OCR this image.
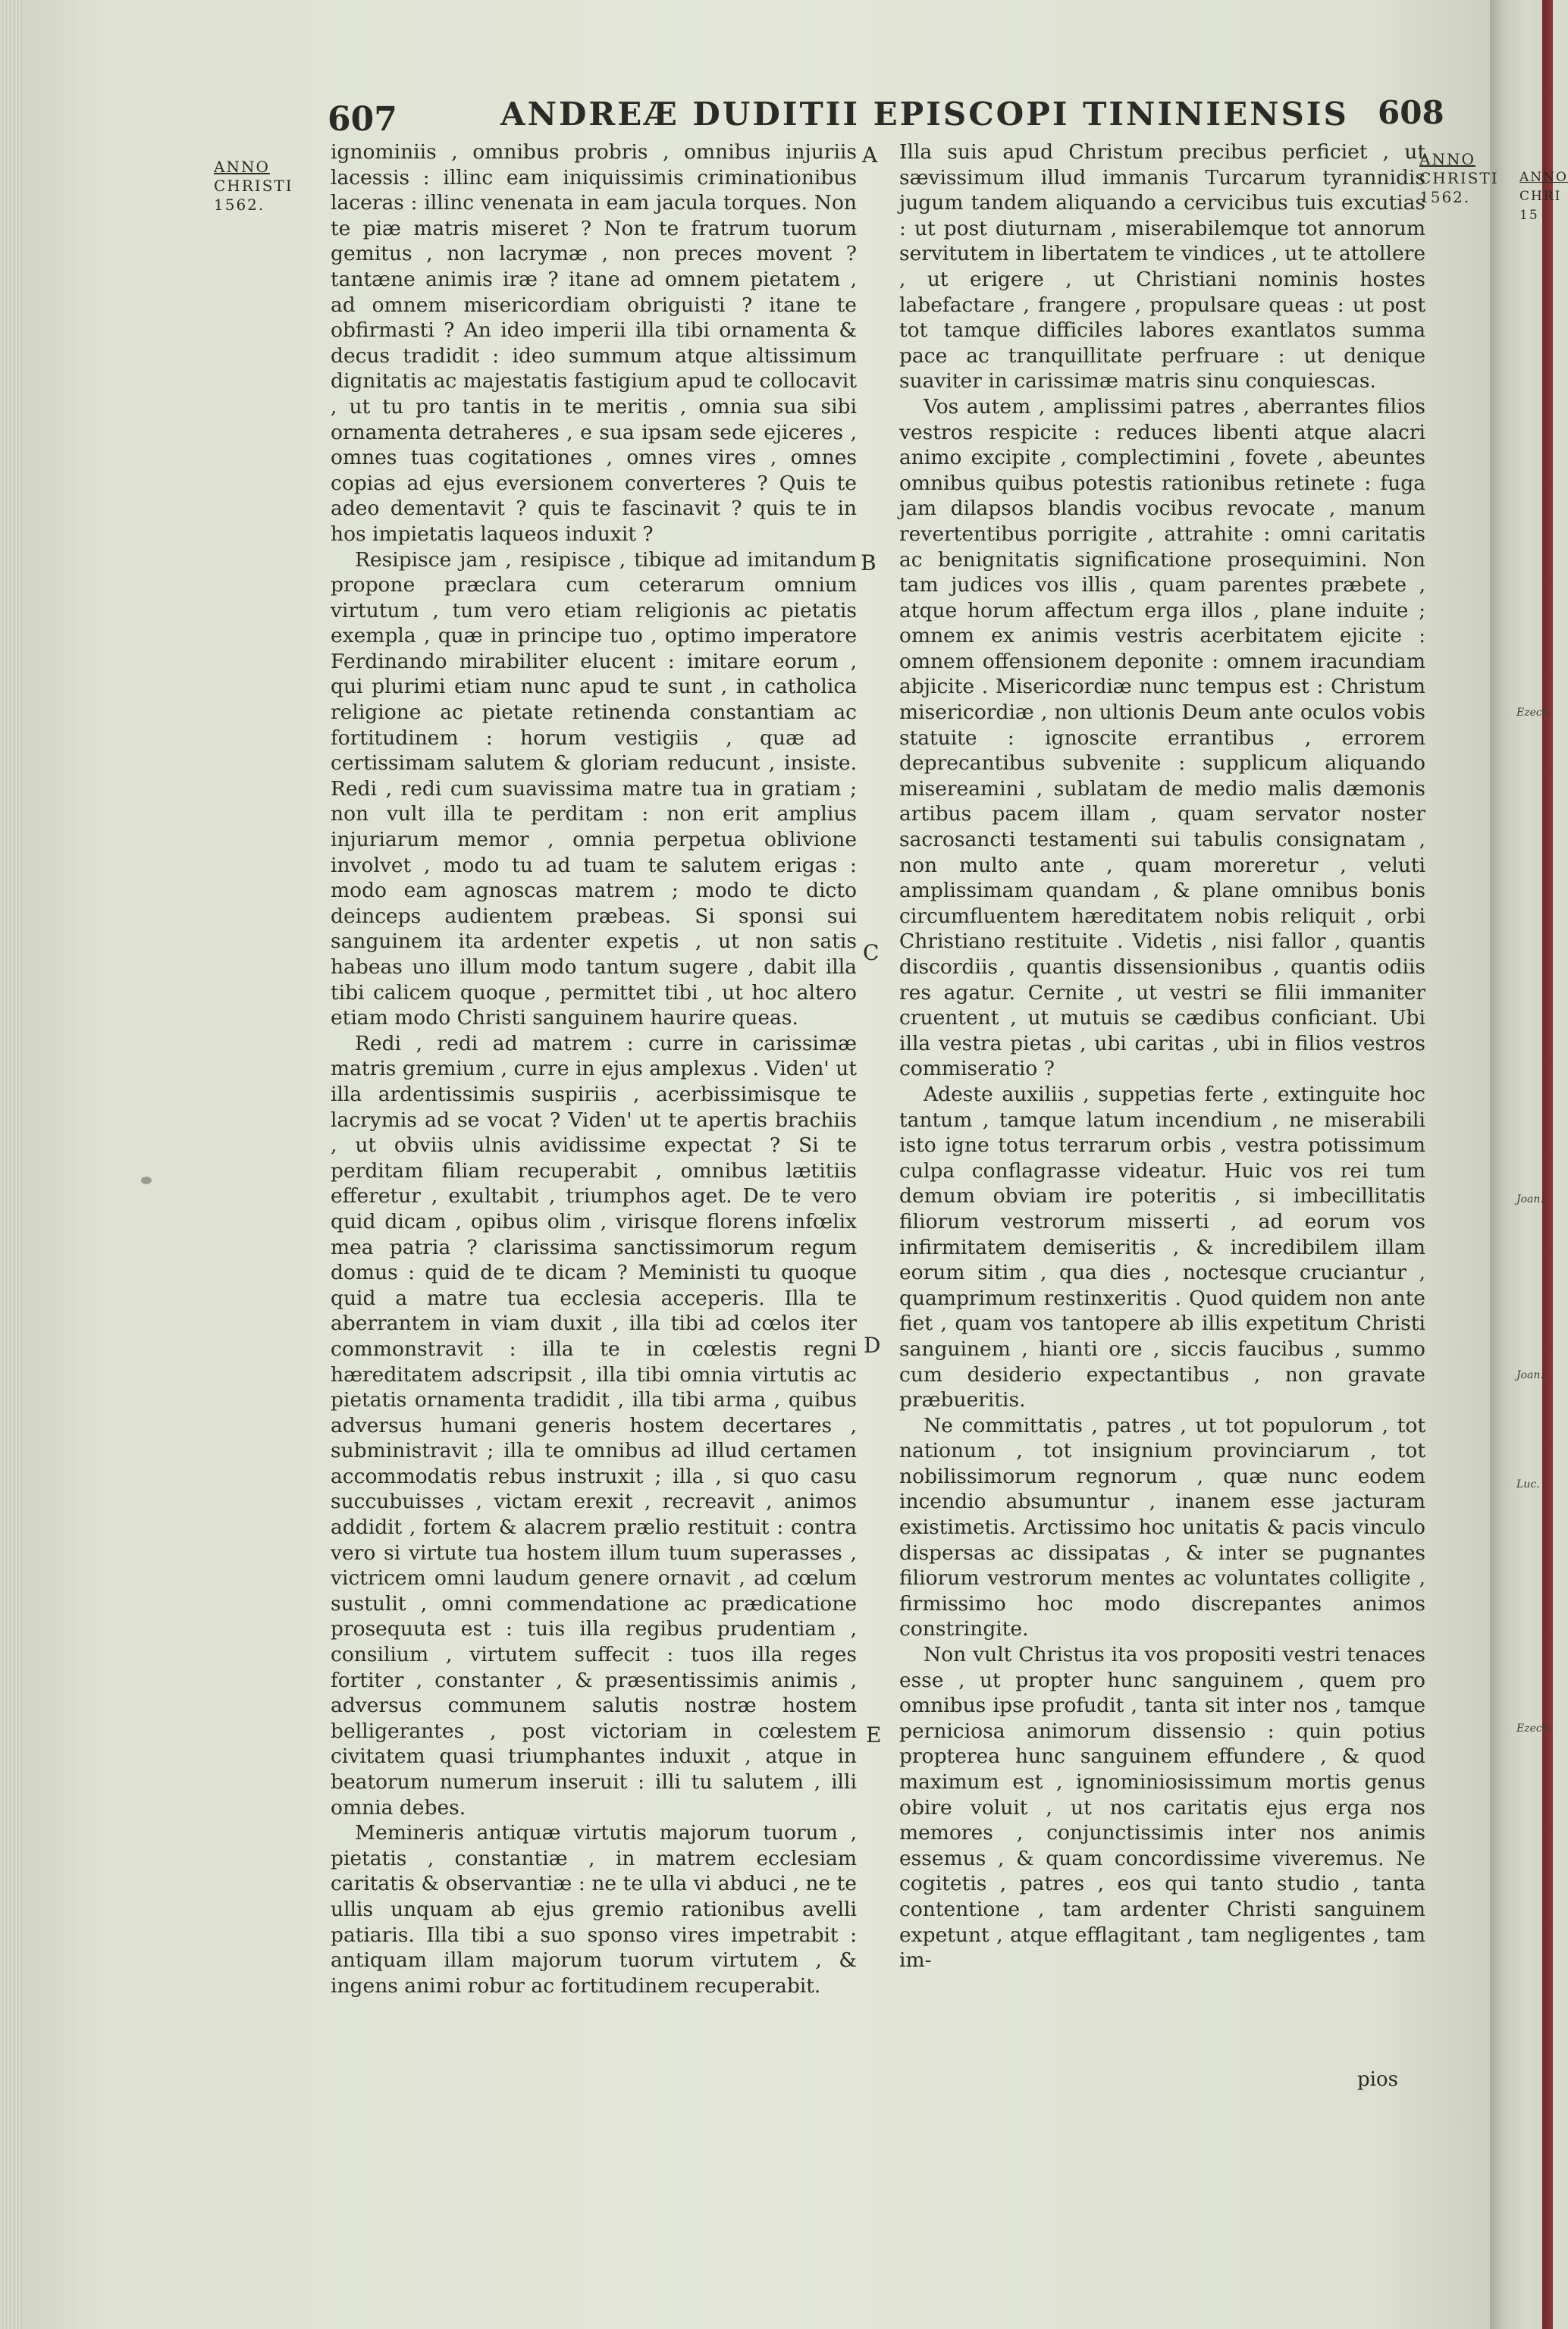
607	ANDREÆ DUDITII EPISCOPI TININIENSIS 608
ANNO
CHRISTI
1562.
ANNO
CHRISTI
1562.
ANNO
CHRI
15
Ezech.
Joan.
Joan.
Luc.
Ezech.
A
B
C
D
E

ignominiis , omnibus probris , omnibus injuriis lacessis : illinc eam iniquissimis criminationibus laceras : illinc venenata in eam jacula torques. Non te piæ matris miseret ? Non te fratrum tuorum gemitus , non lacrymæ , non preces movent ? tantæne animis iræ ? itane ad omnem pietatem , ad omnem misericordiam obriguisti ? itane te obfirmasti ? An ideo imperii illa tibi ornamenta & decus tradidit : ideo summum atque altissimum dignitatis ac majestatis fastigium apud te collocavit , ut tu pro tantis in te meritis , omnia sua sibi ornamenta detraheres , e sua ipsam sede ejiceres , omnes tuas cogitationes , omnes vires , omnes copias ad ejus eversionem converteres ? Quis te adeo dementavit ? quis te fascinavit ? quis te in hos impietatis laqueos induxit ?

Resipisce jam , resipisce , tibique ad imitandum propone præclara cum ceterarum omnium virtutum , tum vero etiam religionis ac pietatis exempla , quæ in principe tuo , optimo imperatore Ferdinando mirabiliter elucent : imitare eorum , qui plurimi etiam nunc apud te sunt , in catholica religione ac pietate retinenda constantiam ac fortitudinem : horum vestigiis , quæ ad certissimam salutem & gloriam reducunt , insiste. Redi , redi cum suavissima matre tua in gratiam ; non vult illa te perditam : non erit amplius injuriarum memor , omnia perpetua oblivione involvet , modo tu ad tuam te salutem erigas : modo eam agnoscas matrem ; modo te dicto deinceps audientem præbeas. Si sponsi sui sanguinem ita ardenter expetis , ut non satis habeas uno illum modo tantum sugere , dabit illa tibi calicem quoque , permittet tibi , ut hoc altero etiam modo Christi sanguinem haurire queas.

Redi , redi ad matrem : curre in carissimæ matris gremium , curre in ejus amplexus . Viden' ut illa ardentissimis suspiriis , acerbissimisque te lacrymis ad se vocat ? Viden' ut te apertis brachiis , ut obviis ulnis avidissime expectat ? Si te perditam filiam recuperabit , omnibus lætitiis efferetur , exultabit , triumphos aget. De te vero quid dicam , opibus olim , virisque florens infœlix mea patria ? clarissima sanctissimorum regum domus : quid de te dicam ? Meministi tu quoque quid a matre tua ecclesia acceperis. Illa te aberrantem in viam duxit , illa tibi ad cœlos iter commonstravit : illa te in cœlestis regni hæreditatem adscripsit , illa tibi omnia virtutis ac pietatis ornamenta tradidit , illa tibi arma , quibus adversus humani generis hostem decertares , subministravit ; illa te omnibus ad illud certamen accommodatis rebus instruxit ; illa , si quo casu succubuisses , victam erexit , recreavit , animos addidit , fortem & alacrem prælio restituit : contra vero si virtute tua hostem illum tuum superasses , victricem omni laudum genere ornavit , ad cœlum sustulit , omni commendatione ac prædicatione prosequuta est : tuis illa regibus prudentiam , consilium , virtutem suffecit : tuos illa reges fortiter , constanter , & præsentissimis animis , adversus communem salutis nostræ hostem belligerantes , post victoriam in cœlestem civitatem quasi triumphantes induxit , atque in beatorum numerum inseruit : illi tu salutem , illi omnia debes.

Memineris antiquæ virtutis majorum tuorum , pietatis , constantiæ , in matrem ecclesiam caritatis & observantiæ : ne te ulla vi abduci , ne te ullis unquam ab ejus gremio rationibus avelli patiaris. Illa tibi a suo sponso vires impetrabit : antiquam illam majorum tuorum virtutem , & ingens animi robur ac fortitudinem recuperabit.

Illa suis apud Christum precibus perficiet , ut sævissimum illud immanis Turcarum tyrannidis jugum tandem aliquando a cervicibus tuis excutias : ut post diuturnam , miserabilemque tot annorum servitutem in libertatem te vindices , ut te attollere , ut erigere , ut Christiani nominis hostes labefactare , frangere , propulsare queas : ut post tot tamque difficiles labores exantlatos summa pace ac tranquillitate perfruare : ut denique suaviter in carissimæ matris sinu conquiescas.

Vos autem , amplissimi patres , aberrantes filios vestros respicite : reduces libenti atque alacri animo excipite , complectimini , fovete , abeuntes omnibus quibus potestis rationibus retinete : fuga jam dilapsos blandis vocibus revocate , manum revertentibus porrigite , attrahite : omni caritatis ac benignitatis significatione prosequimini. Non tam judices vos illis , quam parentes præbete , atque horum affectum erga illos , plane induite ; omnem ex animis vestris acerbitatem ejicite : omnem offensionem deponite : omnem iracundiam abjicite . Misericordiæ nunc tempus est : Christum misericordiæ , non ultionis Deum ante oculos vobis statuite : ignoscite errantibus , errorem deprecantibus subvenite : supplicum aliquando misereamini , sublatam de medio malis dæmonis artibus pacem illam , quam servator noster sacrosancti testamenti sui tabulis consignatam , non multo ante , quam moreretur , veluti amplissimam quandam , & plane omnibus bonis circumfluentem hæreditatem nobis reliquit , orbi Christiano restituite . Videtis , nisi fallor , quantis discordiis , quantis dissensionibus , quantis odiis res agatur. Cernite , ut vestri se filii immaniter cruentent , ut mutuis se cædibus conficiant. Ubi illa vestra pietas , ubi caritas , ubi in filios vestros commiseratio ?

Adeste auxiliis , suppetias ferte , extinguite hoc tantum , tamque latum incendium , ne miserabili isto igne totus terrarum orbis , vestra potissimum culpa conflagrasse videatur. Huic vos rei tum demum obviam ire poteritis , si imbecillitatis filiorum vestrorum misserti , ad eorum vos infirmitatem demiseritis , & incredibilem illam eorum sitim , qua dies , noctesque cruciantur , quamprimum restinxeritis . Quod quidem non ante fiet , quam vos tantopere ab illis expetitum Christi sanguinem , hianti ore , siccis faucibus , summo cum desiderio expectantibus , non gravate præbueritis.

Ne committatis , patres , ut tot populorum , tot nationum , tot insignium provinciarum , tot nobilissimorum regnorum , quæ nunc eodem incendio absumuntur , inanem esse jacturam existimetis. Arctissimo hoc unitatis & pacis vinculo dispersas ac dissipatas , & inter se pugnantes filiorum vestrorum mentes ac voluntates colligite , firmissimo hoc modo discrepantes animos constringite.

Non vult Christus ita vos propositi vestri tenaces esse , ut propter hunc sanguinem , quem pro omnibus ipse profudit , tanta sit inter nos , tamque perniciosa animorum dissensio : quin potius propterea hunc sanguinem effundere , & quod maximum est , ignominiosissimum mortis genus obire voluit , ut nos caritatis ejus erga nos memores , conjunctissimis inter nos animis essemus , & quam concordissime viveremus. Ne cogitetis , patres , eos qui tanto studio , tanta contentione , tam ardenter Christi sanguinem expetunt , atque efflagitant , tam negligentes , tam im-

pios
